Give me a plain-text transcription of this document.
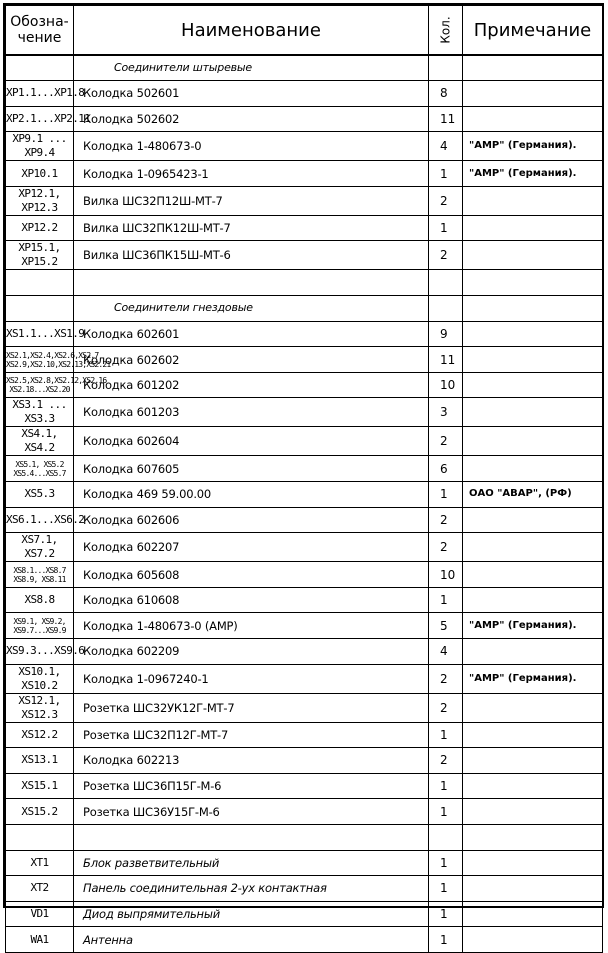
Обозна-
чение	Наименование	Кол.	Примечание
	Соединители штыревые		
XP1.1...XP1.8	Колодка 502601	8	
XP2.1...XP2.11	Колодка 502602	11	
XP9.1 ... XP9.4	Колодка 1-480673-0	4	"AMP" (Германия).
XP10.1	Колодка 1-0965423-1	1	"AMP" (Германия).
XP12.1, XP12.3	Вилка ШС32П12Ш-МТ-7	2	
XP12.2	Вилка ШС32ПК12Ш-МТ-7	1	
XP15.1, XP15.2	Вилка ШС36ПК15Ш-МТ-6	2	

	Соединители гнездовые		
XS1.1...XS1.9	Колодка 602601	9	
XS2.1,XS2.4,XS2.6,XS2.7
XS2.9,XS2.10,XS2.13,XS2.21	Колодка 602602	11	
XS2.5,XS2.8,XS2.12,XS2.16
XS2.18...XS2.20	Колодка 601202	10	
XS3.1 ... XS3.3	Колодка 601203	3	
XS4.1, XS4.2	Колодка 602604	2	
XS5.1, XS5.2
XS5.4...XS5.7	Колодка 607605	6	
XS5.3	Колодка 469 59.00.00	1	ОАО "АВАР", (РФ)
XS6.1...XS6.2	Колодка 602606	2	
XS7.1, XS7.2	Колодка 602207	2	
XS8.1...XS8.7
XS8.9, XS8.11	Колодка 605608	10	
XS8.8	Колодка 610608	1	
XS9.1, XS9.2,
XS9.7...XS9.9	Колодка 1-480673-0 (AMP)	5	"AMP" (Германия).
XS9.3...XS9.6	Колодка 602209	4	
XS10.1, XS10.2	Колодка 1-0967240-1	2	"AMP" (Германия).
XS12.1, XS12.3	Розетка ШС32УК12Г-МТ-7	2	
XS12.2	Розетка ШС32П12Г-МТ-7	1	
XS13.1	Колодка 602213	2	
XS15.1	Розетка ШС36П15Г-М-6	1	
XS15.2	Розетка ШС36У15Г-М-6	1	

XT1	Блок разветвительный	1	
XT2	Панель соединительная 2-ух контактная	1	
VD1	Диод выпрямительный	1	
WA1	Антенна	1	
